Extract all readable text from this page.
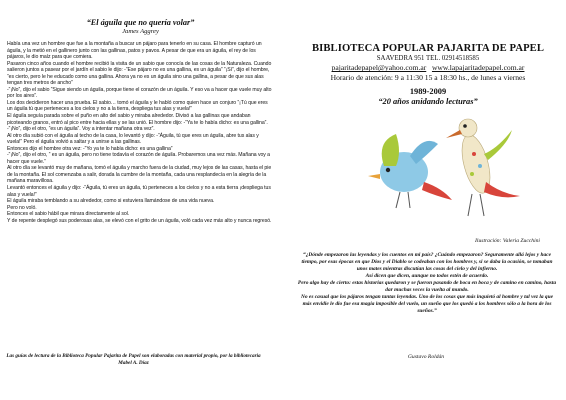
“El águila que no quería volar”
James Aggrey

Había una vez un hombre que fue a la montaña a buscar un pájaro para tenerlo en su casa. El hombre capturó un águila, y la metió en el gallinero junto con las gallinas, patos y pavos. A pesar de que era un águila, el rey de los pájaros, le dio maíz para que comiera.

Pasaron cinco años cuando el hombre recibió la visita de un sabio que conocía de las cosas de la Naturaleza. Cuando salieron juntos a pasear por el jardín el sabio le dijo: -“Ese pájaro no es una gallina, es un águila” “¡Sí”, dijo el hombre, “es cierto, pero le he educado como una gallina. Ahora ya no es un águila sino una gallina, a pesar de que sus alas tengan tres metros de ancho”

-“¡No”, dijo el sabio “Sigue siendo un águila, porque tiene el corazón de un águila. Y eso va a hacer que vuele muy alto por los aires”.

Los dos decidieron hacer una prueba. El sabio… tomó el águila y le habló como quien hace un conjuro “¡Tú que eres un águila tú que perteneces a los cielos y no a la tierra, despliega tus alas y vuela!”

El águila seguía parada sobre el puño en alto del sabio y miraba alrededor. Divisó a las gallinas que andaban picoteando granos, entró al pico entre hacia ellas y se las unió. El hombre dijo: -“Ya te lo había dicho: es una gallina”.

-“¡No”, dijo el otro, “es un águila”. Voy a intentar mañana otra vez”.

Al otro día subió con el águila al techo de la casa, lo levantó y dijo: -“Águila, tú que eres un águila, abre tus alas y vuela!” Pero el águila volvió a saltar y a unirse a las gallinas.

Entonces dijo el hombre otra vez: -“Yo ya te lo había dicho: es una gallina”

-“¡No”, dijo el otro, “ es un águila, pero no tiene todavía el corazón de águila. Probaremos una vez más. Mañana voy a hacer que vuele.”

Al otro día se levantó muy de mañana, tomó el águila y marcho fuera de la ciudad, muy lejos de las casas, hasta el pie de la montaña. El sol comenzaba a salir, dorada la cumbre de la montaña, cada una resplandecía en la alegría de la mañana maravillosa.

Levantó entonces el águila y dijo: -“Águila, tú eres un águila, tú perteneces a los cielos y no a esta tierra ¡despliega tus alas y vuela!”

El águila miraba temblando a su alrededor, como si estuviera llamándose de una vida nueva.

Pero no voló.

Entonces el sabio hábil que mirara directamente al sol.

Y de repente desplegó sus poderosas alas, se elevó con el grito de un águila, voló cada vez más alto y nunca regresó.

Las guías de lectura de la Biblioteca Popular Pajarita de Papel son elaboradas con material propio, por la bibliotecaria Mabel A. Díaz
BIBLIOTECA POPULAR PAJARITA DE PAPEL
SAAVEDRA 951 TEL. 02914518585
pajaritadepapel@yahoo.com.ar www.lapajaritadepapel.com.ar
Horario de atención: 9 a 11:30 15 a 18:30 hs., de lunes a viernes
1989-2009
“20 años anidando lecturas”
Ilustración: Valeria Zucchini

“¿Dónde empezaron las leyendas y los cuentos en mi país? ¿Cuándo empezaron? Seguramente allá lejos y hace tiempo, por esas épocas en que Dios y el Diablo se codeaban con los hombres y, si se daba la ocasión, se tomaban unos mates mientras discutían las cosas del cielo y del infierno.

Así dicen que dicen, aunque no todos estén de acuerdo.

Pero algo hay de cierto: estas historias quedaron y se fueron pasando de boca en boca y de camino en camino, hasta dar muchas veces la vuelta al mundo.

No es casual que los pájaros tengan tantas leyendas. Uno de los cosas que más inquietó al hombre y tal vez la que más envidie le dio fue esa magia imposible del vuelo, un sueño que los quedó a los hombres sólo a la hora de los sueños.”

Gustavo Roldán
